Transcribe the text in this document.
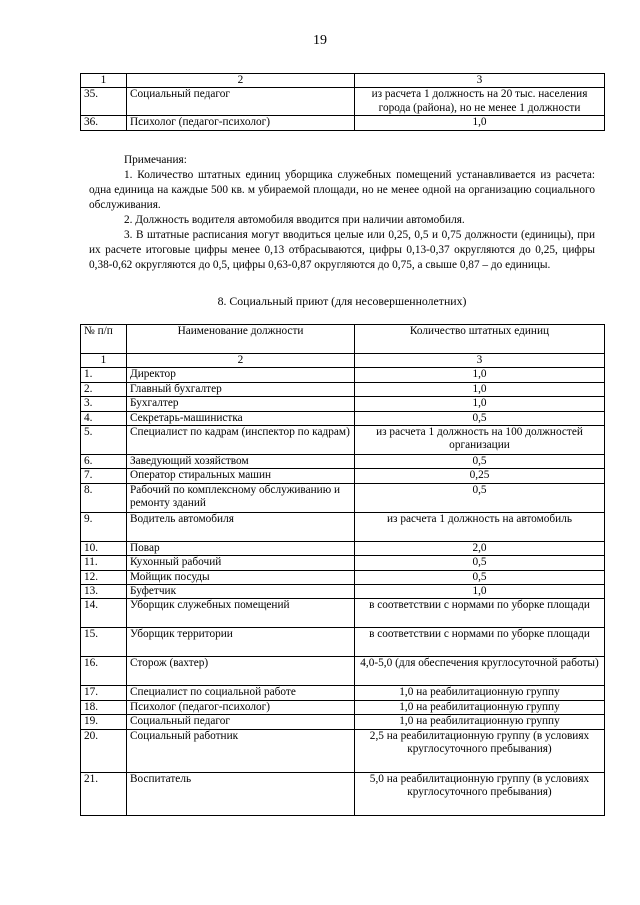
19
1	2	3
35.	Социальный педагог	из расчета 1 должность на 20 тыс. населения города (района), но не менее 1 должности
36.	Психолог (педагог-психолог)	1,0

Примечания:

1. Количество штатных единиц уборщика служебных помещений устанавливается из расчета: одна единица на каждые 500 кв. м убираемой площади, но не менее одной на организацию социального обслуживания.

2. Должность водителя автомобиля вводится при наличии автомобиля.

3. В штатные расписания могут вводиться целые или 0,25, 0,5 и 0,75 должности (единицы), при их расчете итоговые цифры менее 0,13 отбрасываются, цифры 0,13-0,37 округляются до 0,25, цифры 0,38-0,62 округляются до 0,5, цифры 0,63-0,87 округляются до 0,75, а свыше 0,87 – до единицы.

8. Социальный приют (для несовершеннолетних)
№ п/п	Наименование должности	Количество штатных единиц
1	2	3
1.	Директор	1,0
2.	Главный бухгалтер	1,0
3.	Бухгалтер	1,0
4.	Секретарь-машинистка	0,5
5.	Специалист по кадрам (инспектор по кадрам)	из расчета 1 должность на 100 должностей организации
6.	Заведующий хозяйством	0,5
7.	Оператор стиральных машин	0,25
8.	Рабочий по комплексному обслуживанию и ремонту зданий	0,5
9.	Водитель автомобиля	из расчета 1 должность на автомобиль
10.	Повар	2,0
11.	Кухонный рабочий	0,5
12.	Мойщик посуды	0,5
13.	Буфетчик	1,0
14.	Уборщик служебных помещений	в соответствии с нормами по уборке площади
15.	Уборщик территории	в соответствии с нормами по уборке площади
16.	Сторож (вахтер)	4,0-5,0 (для обеспечения круглосуточной работы)
17.	Специалист по социальной работе	1,0 на реабилитационную группу
18.	Психолог (педагог-психолог)	1,0 на реабилитационную группу
19.	Социальный педагог	1,0 на реабилитационную группу
20.	Социальный работник	2,5 на реабилитационную группу (в условиях круглосуточного пребывания)
21.	Воспитатель	5,0 на реабилитационную группу (в условиях круглосуточного пребывания)
